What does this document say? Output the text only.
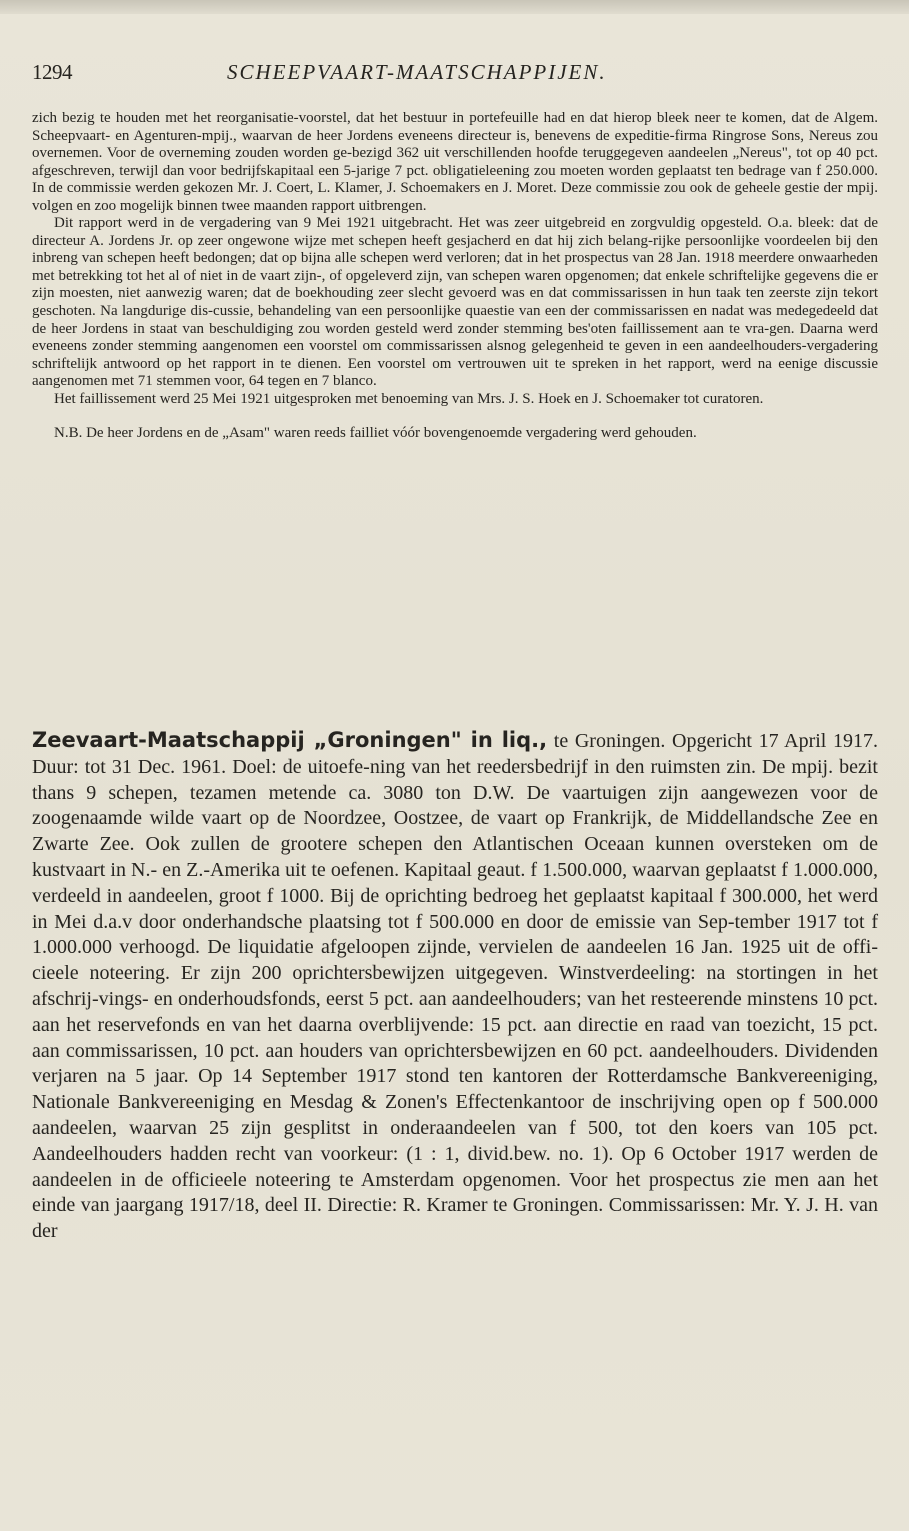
1294	SCHEEPVAART-MAATSCHAPPIJEN.

zich bezig te houden met het reorganisatie-voorstel, dat het bestuur in portefeuille had en dat hierop bleek neer te komen, dat de Algem. Scheepvaart- en Agenturen-mpij., waarvan de heer Jordens eveneens directeur is, benevens de expeditie-firma Ringrose Sons, Nereus zou overnemen. Voor de overneming zouden worden ge-bezigd 362 uit verschillenden hoofde teruggegeven aandeelen „Nereus", tot op 40 pct. afgeschreven, terwijl dan voor bedrijfskapitaal een 5-jarige 7 pct. obligatieleening zou moeten worden geplaatst ten bedrage van f 250.000. In de commissie werden gekozen Mr. J. Coert, L. Klamer, J. Schoemakers en J. Moret. Deze commissie zou ook de geheele gestie der mpij. volgen en zoo mogelijk binnen twee maanden rapport uitbrengen.

Dit rapport werd in de vergadering van 9 Mei 1921 uitgebracht. Het was zeer uitgebreid en zorgvuldig opgesteld. O.a. bleek: dat de directeur A. Jordens Jr. op zeer ongewone wijze met schepen heeft gesjacherd en dat hij zich belang-rijke persoonlijke voordeelen bij den inbreng van schepen heeft bedongen; dat op bijna alle schepen werd verloren; dat in het prospectus van 28 Jan. 1918 meerdere onwaarheden met betrekking tot het al of niet in de vaart zijn-, of opgeleverd zijn, van schepen waren opgenomen; dat enkele schriftelijke gegevens die er zijn moesten, niet aanwezig waren; dat de boekhouding zeer slecht gevoerd was en dat commissarissen in hun taak ten zeerste zijn tekort geschoten. Na langdurige dis-cussie, behandeling van een persoonlijke quaestie van een der commissarissen en nadat was medegedeeld dat de heer Jordens in staat van beschuldiging zou worden gesteld werd zonder stemming bes'oten faillissement aan te vra-gen. Daarna werd eveneens zonder stemming aangenomen een voorstel om commissarissen alsnog gelegenheid te geven in een aandeelhouders-vergadering schriftelijk antwoord op het rapport in te dienen. Een voorstel om vertrouwen uit te spreken in het rapport, werd na eenige discussie aangenomen met 71 stemmen voor, 64 tegen en 7 blanco.

Het faillissement werd 25 Mei 1921 uitgesproken met benoeming van Mrs. J. S. Hoek en J. Schoemaker tot curatoren.

N.B. De heer Jordens en de „Asam" waren reeds failliet vóór bovengenoemde vergadering werd gehouden.

Zeevaart-Maatschappij „Groningen" in liq., te Groningen. Opgericht 17 April 1917. Duur: tot 31 Dec. 1961. Doel: de uitoefe-ning van het reedersbedrijf in den ruimsten zin. De mpij. bezit thans 9 schepen, tezamen metende ca. 3080 ton D.W. De vaartuigen zijn aangewezen voor de zoogenaamde wilde vaart op de Noordzee, Oostzee, de vaart op Frankrijk, de Middellandsche Zee en Zwarte Zee. Ook zullen de grootere schepen den Atlantischen Oceaan kunnen oversteken om de kustvaart in N.- en Z.-Amerika uit te oefenen. Kapitaal geaut. f 1.500.000, waarvan geplaatst f 1.000.000, verdeeld in aandeelen, groot f 1000. Bij de oprichting bedroeg het geplaatst kapitaal f 300.000, het werd in Mei d.a.v door onderhandsche plaatsing tot f 500.000 en door de emissie van Sep-tember 1917 tot f 1.000.000 verhoogd. De liquidatie afgeloopen zijnde, vervielen de aandeelen 16 Jan. 1925 uit de offi-cieele noteering. Er zijn 200 oprichtersbewijzen uitgegeven. Winstverdeeling: na stortingen in het afschrij-vings- en onderhoudsfonds, eerst 5 pct. aan aandeelhouders; van het resteerende minstens 10 pct. aan het reservefonds en van het daarna overblijvende: 15 pct. aan directie en raad van toezicht, 15 pct. aan commissarissen, 10 pct. aan houders van oprichtersbewijzen en 60 pct. aandeelhouders. Dividenden verjaren na 5 jaar. Op 14 September 1917 stond ten kantoren der Rotterdamsche Bankvereeniging, Nationale Bankvereeniging en Mesdag & Zonen's Effectenkantoor de inschrijving open op f 500.000 aandeelen, waarvan 25 zijn gesplitst in onderaandeelen van f 500, tot den koers van 105 pct. Aandeelhouders hadden recht van voorkeur: (1 : 1, divid.bew. no. 1). Op 6 October 1917 werden de aandeelen in de officieele noteering te Amsterdam opgenomen. Voor het prospectus zie men aan het einde van jaargang 1917/18, deel II. Directie: R. Kramer te Groningen. Commissarissen: Mr. Y. J. H. van der
